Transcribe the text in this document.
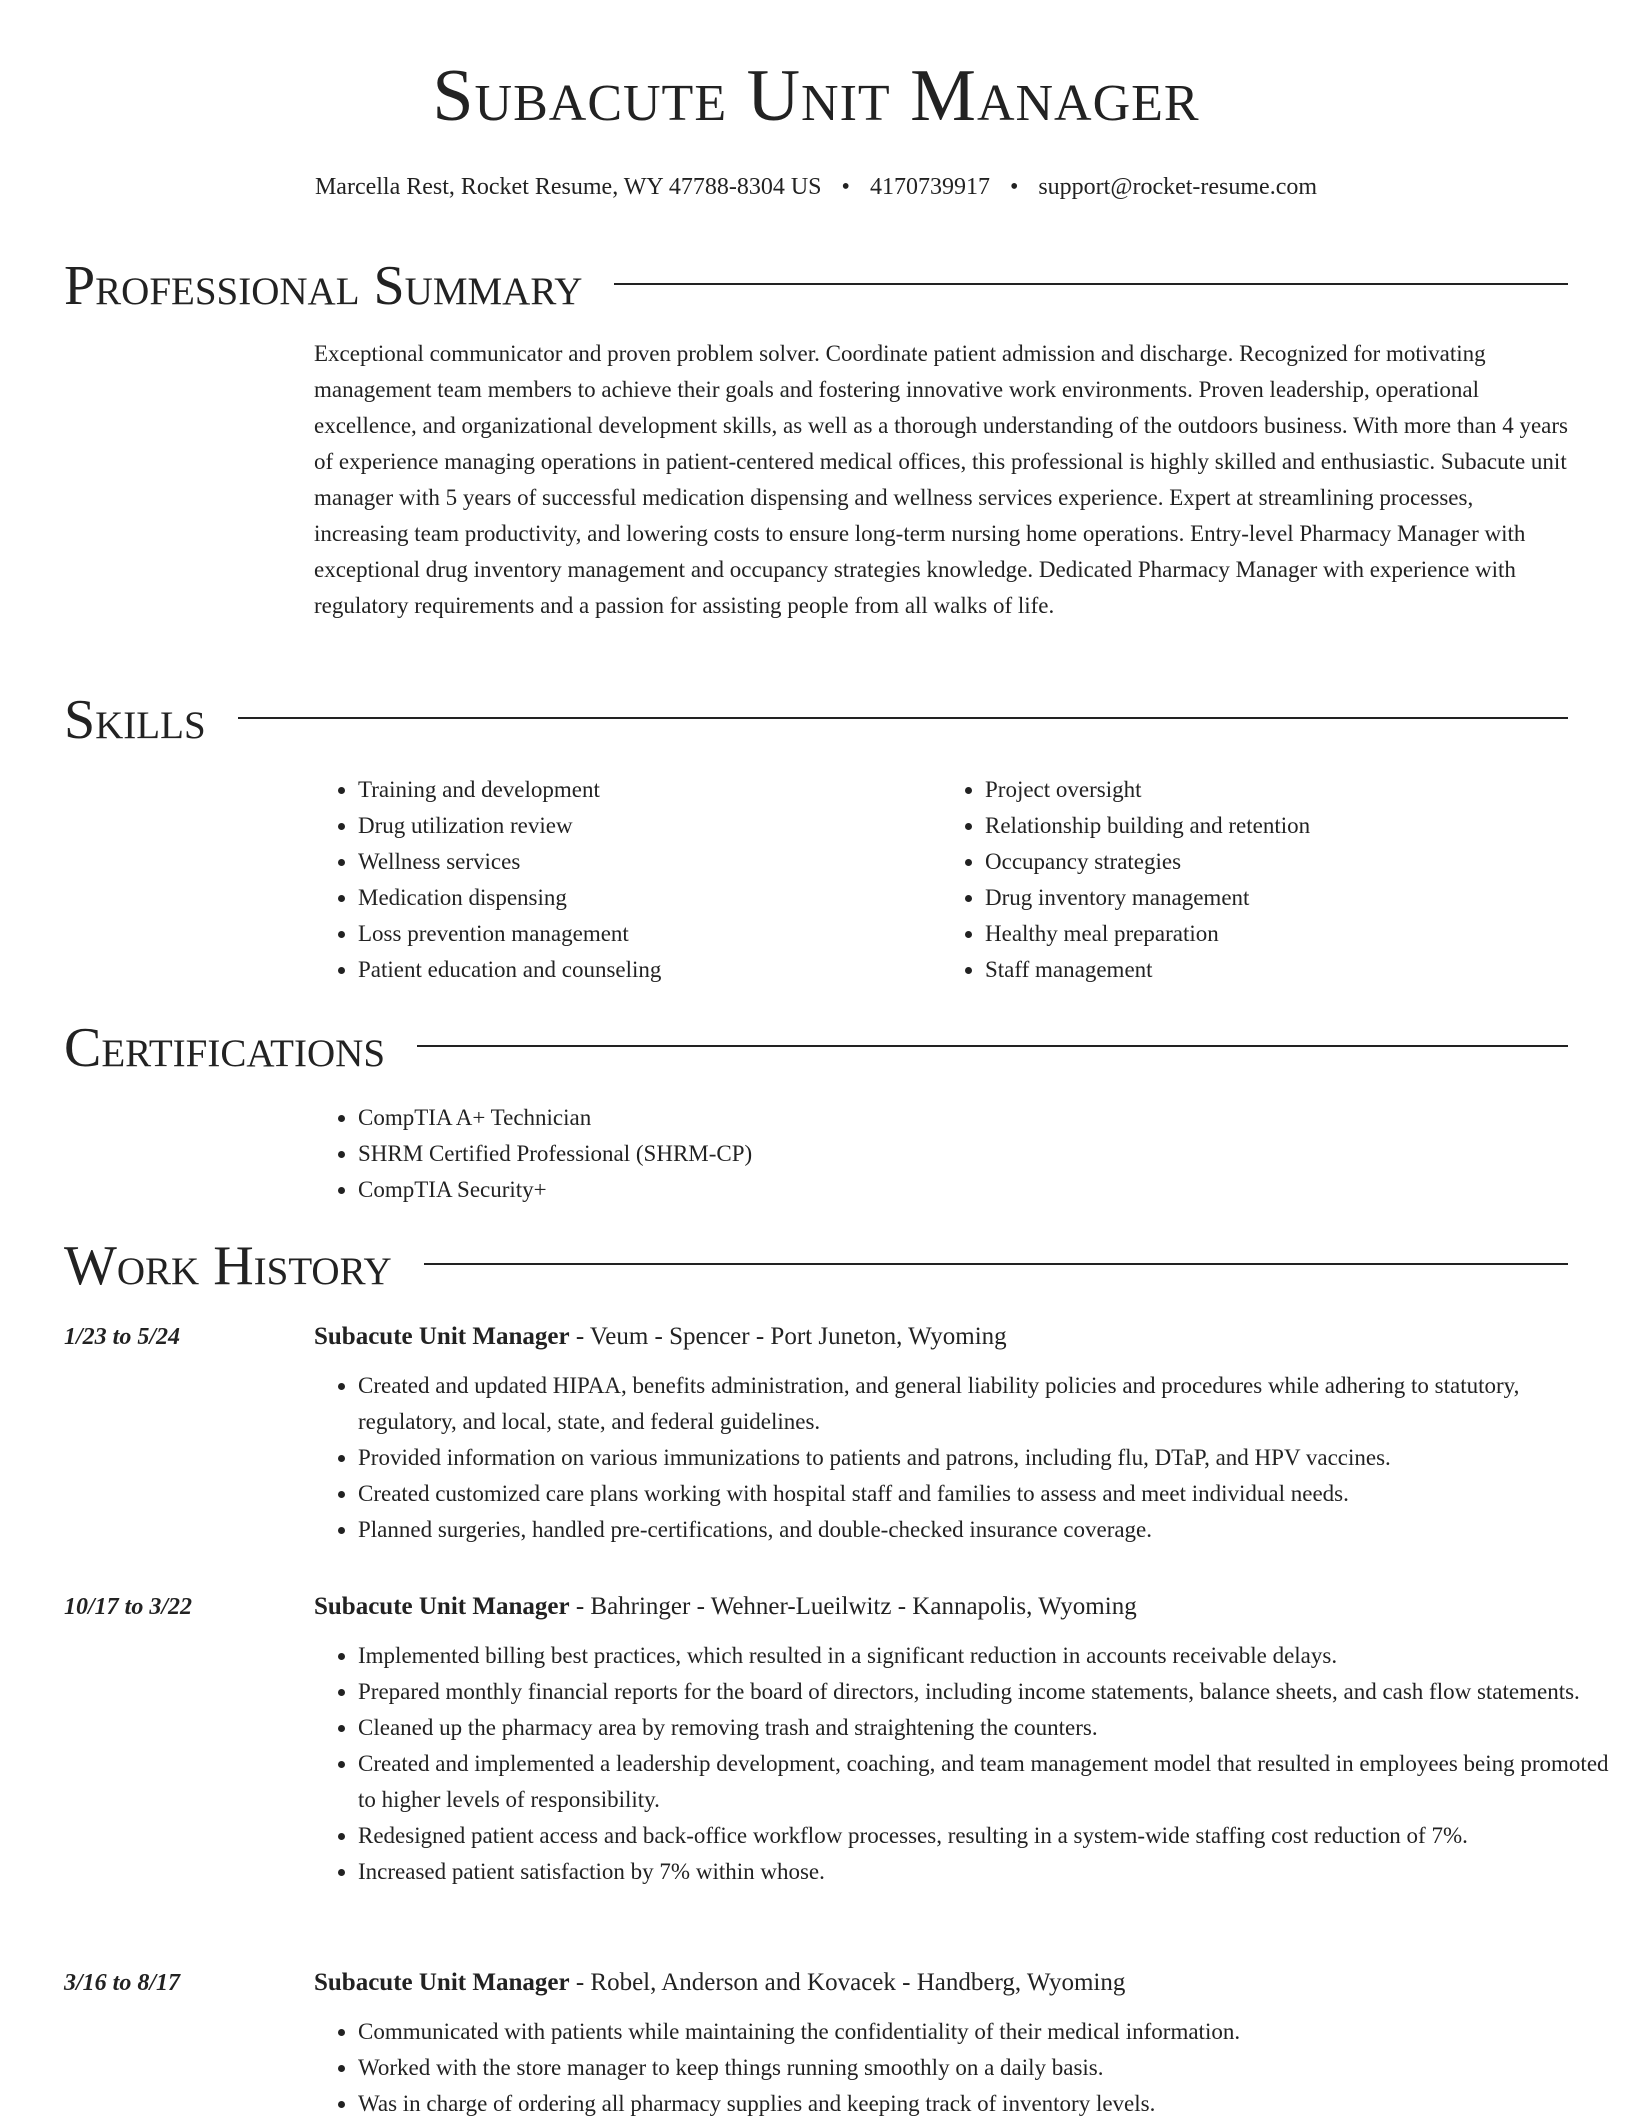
Subacute Unit Manager
Marcella Rest, Rocket Resume, WY 47788-8304 US • 4170739917 • support@rocket-resume.com
Professional Summary

Exceptional communicator and proven problem solver. Coordinate patient admission and discharge. Recognized for motivating management team members to achieve their goals and fostering innovative work environments. Proven leadership, operational excellence, and organizational development skills, as well as a thorough understanding of the outdoors business. With more than 4 years of experience managing operations in patient-centered medical offices, this professional is highly skilled and enthusiastic. Subacute unit manager with 5 years of successful medication dispensing and wellness services experience. Expert at streamlining processes, increasing team productivity, and lowering costs to ensure long-term nursing home operations. Entry-level Pharmacy Manager with exceptional drug inventory management and occupancy strategies knowledge. Dedicated Pharmacy Manager with experience with regulatory requirements and a passion for assisting people from all walks of life.

Skills
• Training and development
• Drug utilization review
• Wellness services
• Medication dispensing
• Loss prevention management
• Patient education and counseling
• Project oversight
• Relationship building and retention
• Occupancy strategies
• Drug inventory management
• Healthy meal preparation
• Staff management
Certifications
• CompTIA A+ Technician
• SHRM Certified Professional (SHRM-CP)
• CompTIA Security+
Work History
1/23 to 5/24	Subacute Unit Manager - Veum - Spencer - Port Juneton, Wyoming
• Created and updated HIPAA, benefits administration, and general liability policies and procedures while adhering to statutory, regulatory, and local, state, and federal guidelines.
• Provided information on various immunizations to patients and patrons, including flu, DTaP, and HPV vaccines.
• Created customized care plans working with hospital staff and families to assess and meet individual needs.
• Planned surgeries, handled pre-certifications, and double-checked insurance coverage.
10/17 to 3/22	Subacute Unit Manager - Bahringer - Wehner-Lueilwitz - Kannapolis, Wyoming
• Implemented billing best practices, which resulted in a significant reduction in accounts receivable delays.
• Prepared monthly financial reports for the board of directors, including income statements, balance sheets, and cash flow statements.
• Cleaned up the pharmacy area by removing trash and straightening the counters.
• Created and implemented a leadership development, coaching, and team management model that resulted in employees being promoted to higher levels of responsibility.
• Redesigned patient access and back-office workflow processes, resulting in a system-wide staffing cost reduction of 7%.
• Increased patient satisfaction by 7% within whose.
3/16 to 8/17	Subacute Unit Manager - Robel, Anderson and Kovacek - Handberg, Wyoming
• Communicated with patients while maintaining the confidentiality of their medical information.
• Worked with the store manager to keep things running smoothly on a daily basis.
• Was in charge of ordering all pharmacy supplies and keeping track of inventory levels.
